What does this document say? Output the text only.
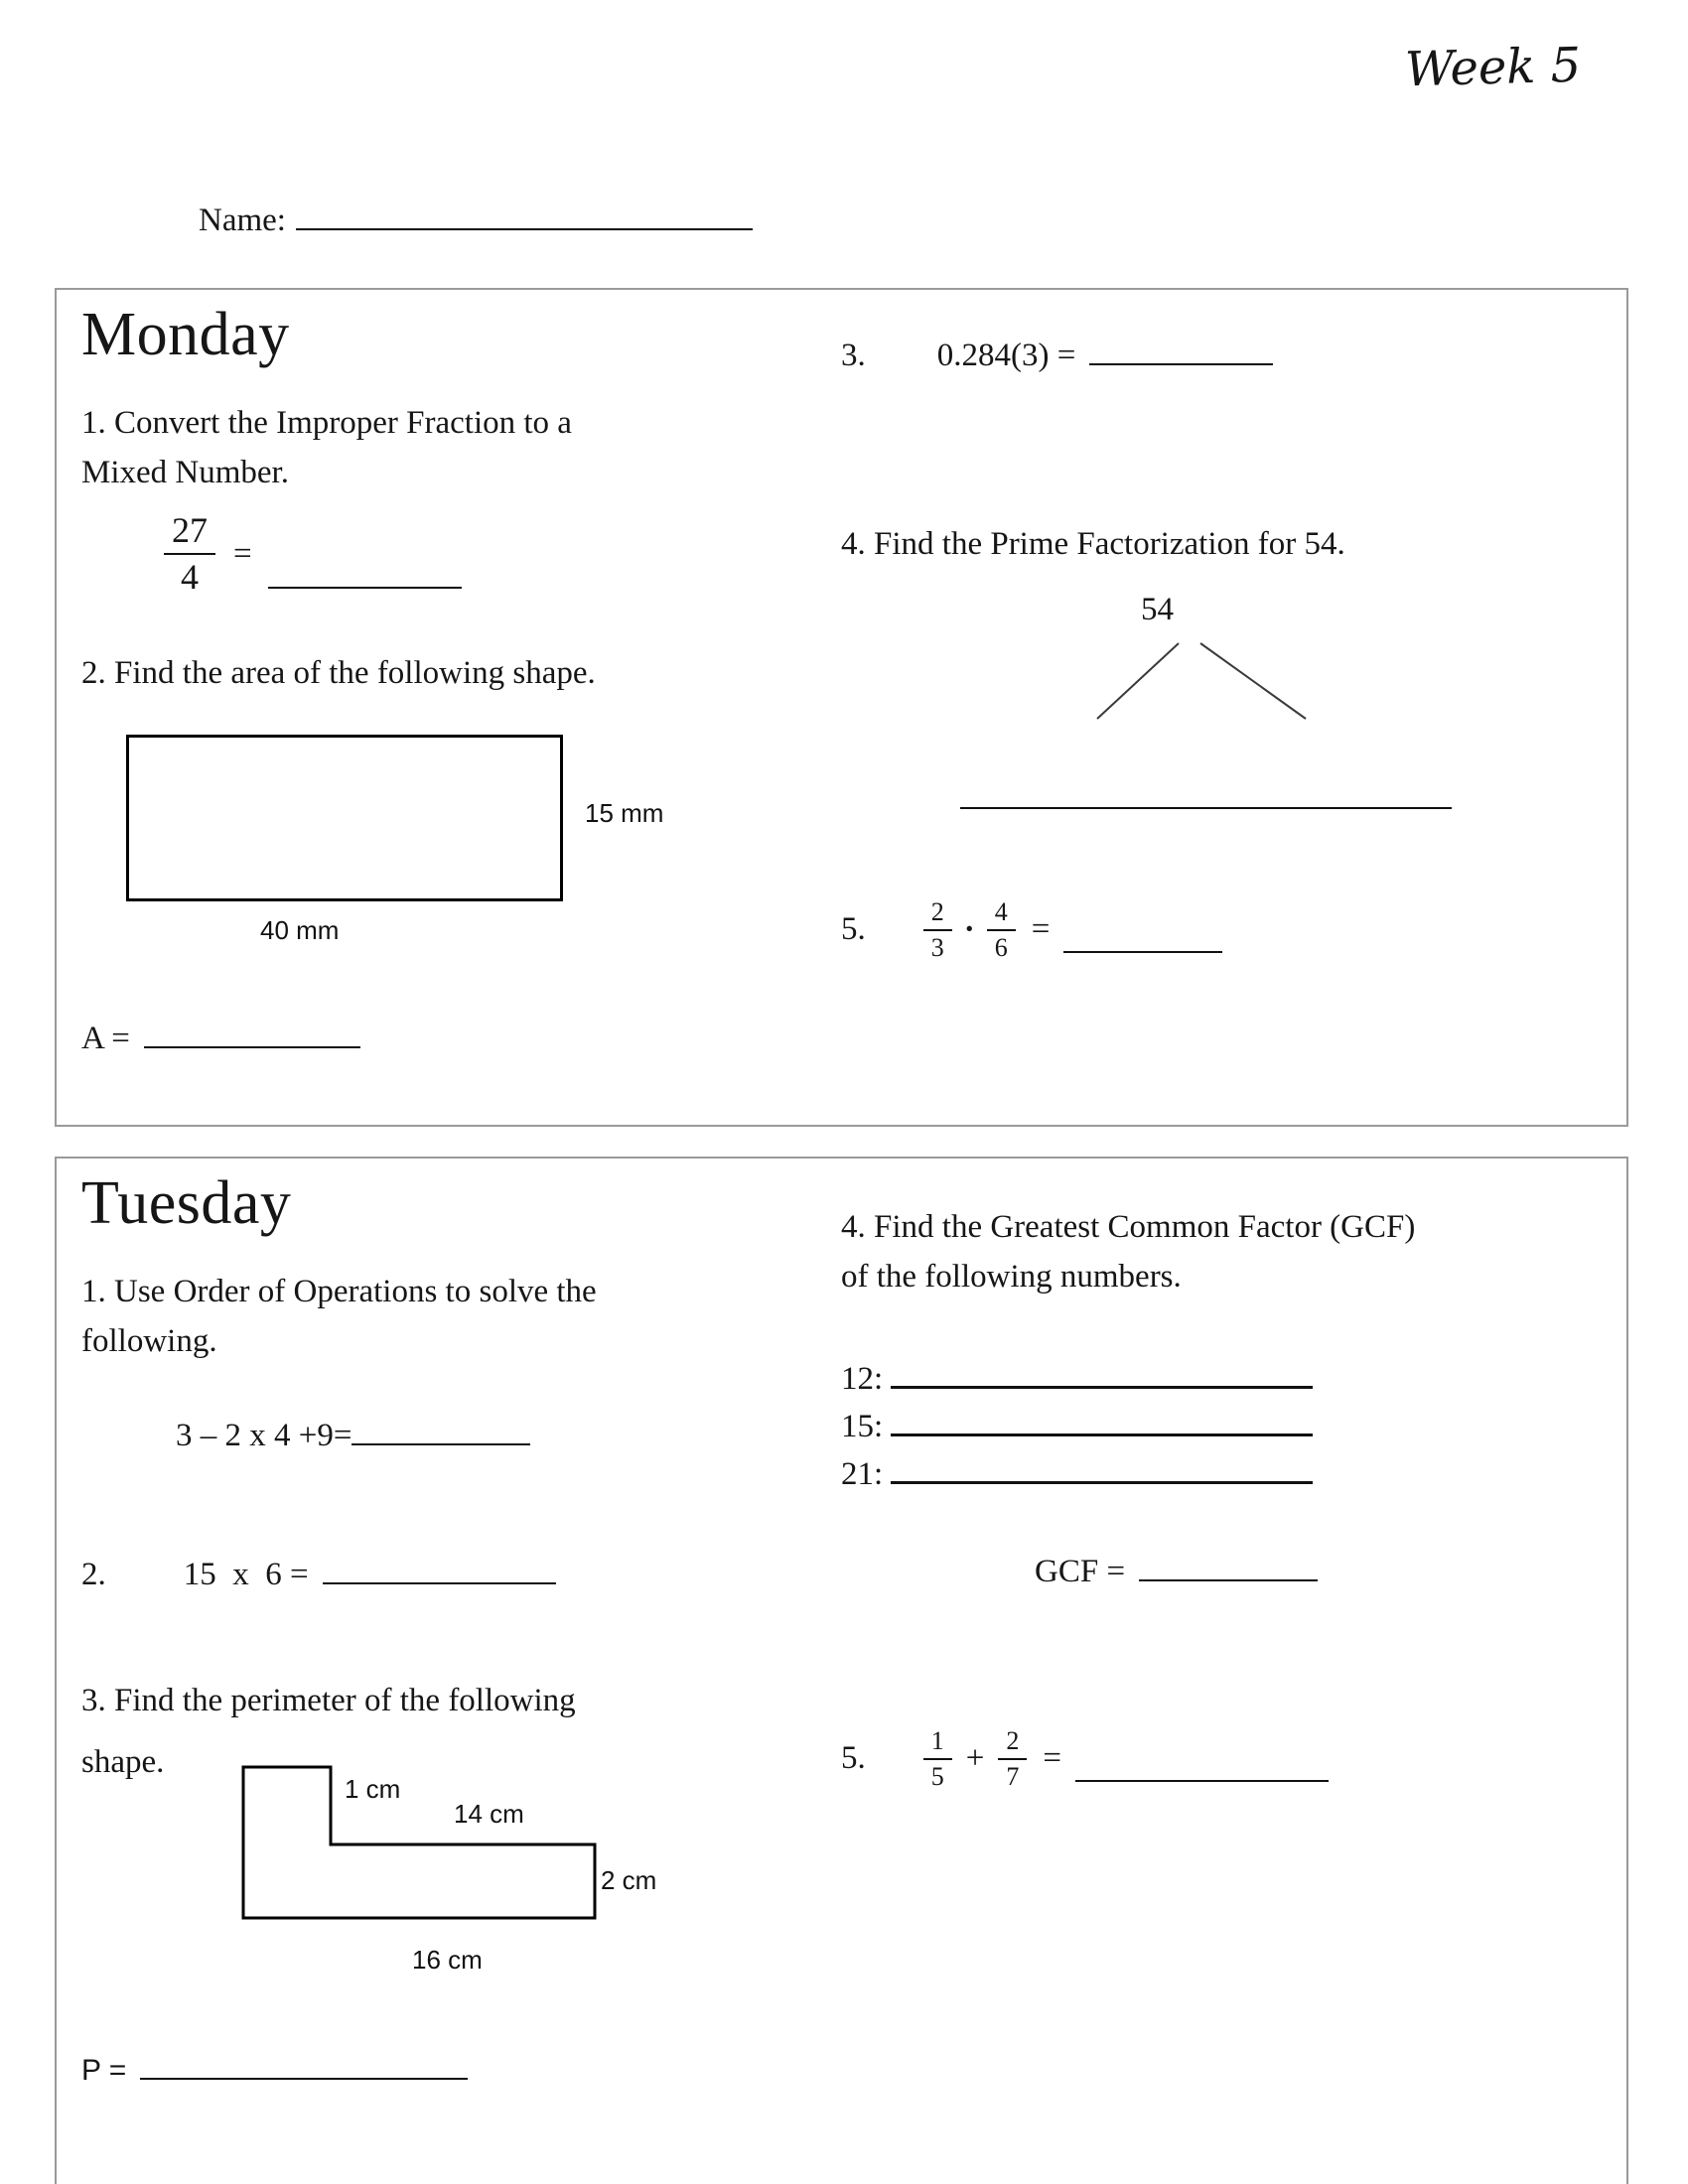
Week 5
Name:
Monday
1. Convert the Improper Fraction to a
Mixed Number.
$\frac{27}{4}$ =
2. Find the area of the following shape.
15 mm
40 mm
A =
3. 0.284(3) =
4. Find the Prime Factorization for 54.
54
5. $\frac{2}{3} \cdot \frac{4}{6}$ =
Tuesday
1. Use Order of Operations to solve the
following.
3 – 2 x 4 +9=
2. 15  x  6 =
3. Find the perimeter of the following
shape.
1 cm
14 cm
2 cm
16 cm
P =
4. Find the Greatest Common Factor (GCF)
of the following numbers.
12:
15:
21:
GCF =
5. $\frac{1}{5} + \frac{2}{7}$ =
